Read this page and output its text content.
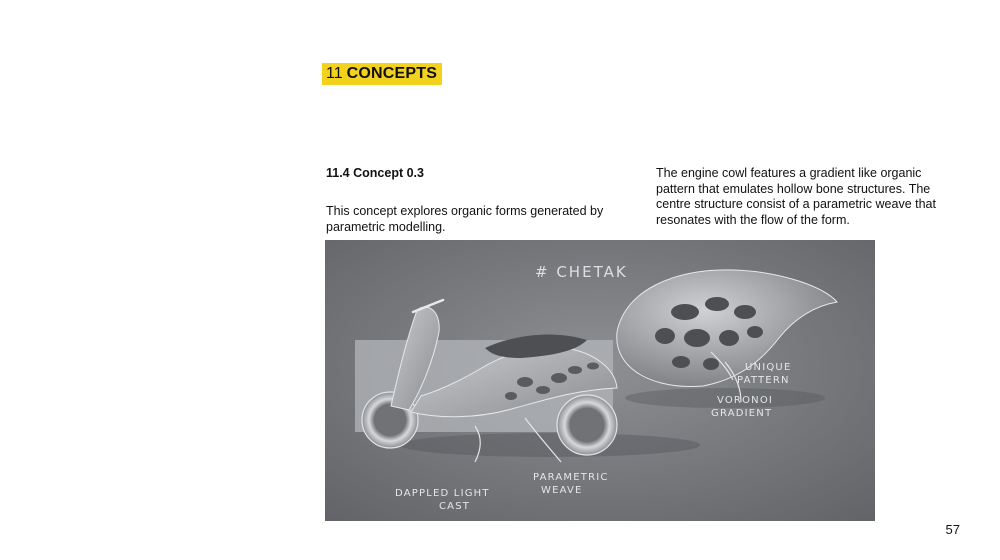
11 CONCEPTS
11.4 Concept 0.3
This concept explores organic forms generated by parametric modelling.
The engine cowl features a gradient like organic pattern that emulates hollow bone structures. The centre structure consist of a parametric weave that resonates with the flow of the form.
# CHETAK
UNIQUE
PATTERN
VORONOI
GRADIENT
PARAMETRIC
WEAVE
DAPPLED LIGHT
CAST
57
